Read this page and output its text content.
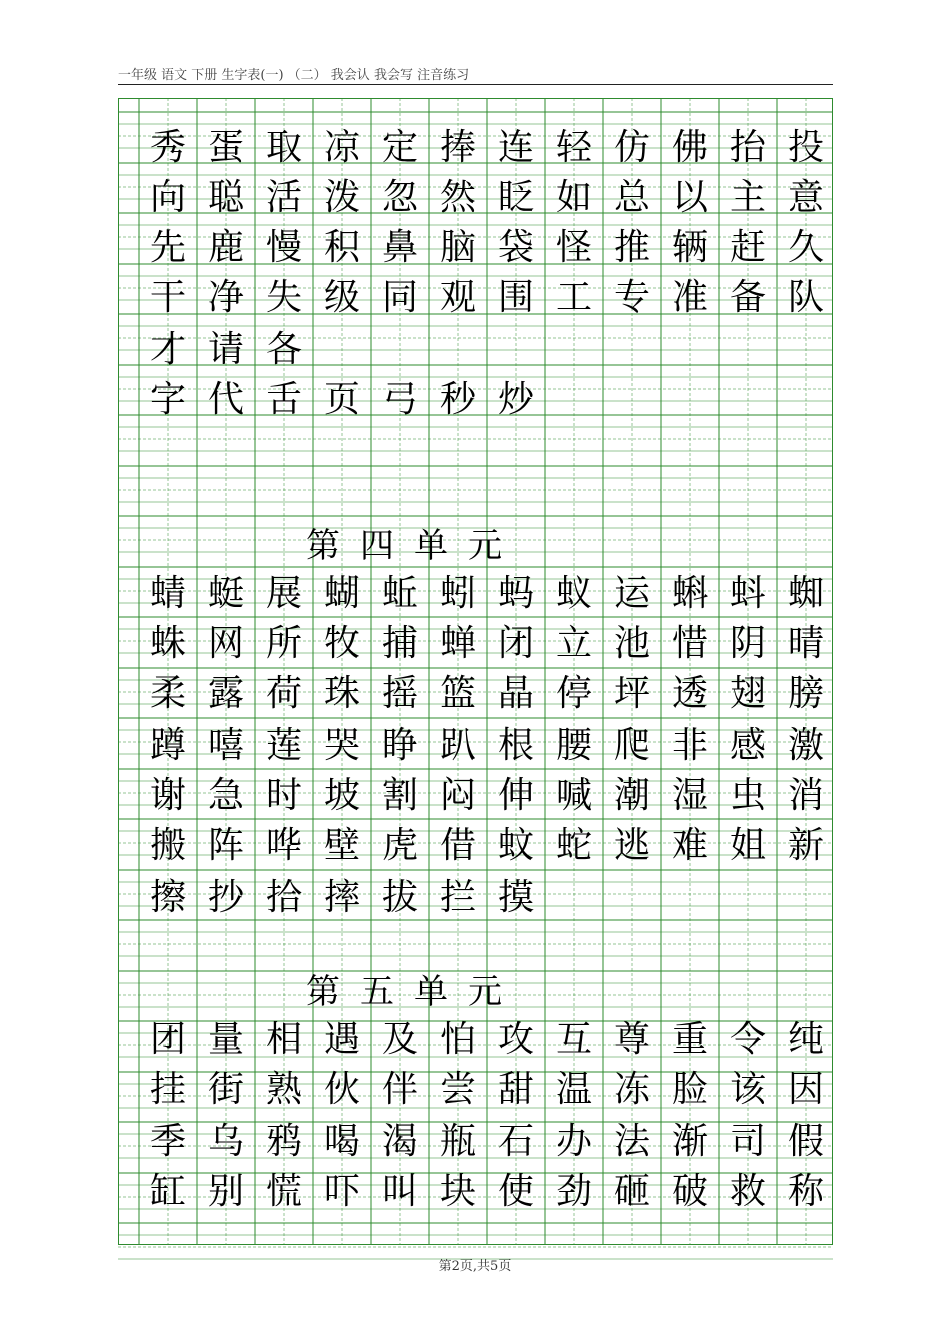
一年级 语文 下册 生字表(一) （二） 我会认 我会写 注音练习
第四单元
第五单元
秀 蛋 取 凉 定 捧 连 轻 仿 佛 抬 投
向 聪 活 泼 忽 然 眨 如 总 以 主 意
先 鹿 慢 积 鼻 脑 袋 怪 推 辆 赶 久
干 净 失 级 同 观 围 工 专 准 备 队
才 请 各
字 代 舌 页 弓 秒 炒
蜻 蜓 展 蝴 蚯 蚓 蚂 蚁 运 蝌 蚪 蜘
蛛 网 所 牧 捕 蝉 闭 立 池 惜 阴 晴
柔 露 荷 珠 摇 篮 晶 停 坪 透 翅 膀
蹲 嘻 莲 哭 睁 趴 根 腰 爬 非 感 激
谢 急 时 坡 割 闷 伸 喊 潮 湿 虫 消
搬 阵 哗 壁 虎 借 蚊 蛇 逃 难 姐 新
擦 抄 拾 摔 拔 拦 摸
团 量 相 遇 及 怕 攻 互 尊 重 令 纯
挂 街 熟 伙 伴 尝 甜 温 冻 脸 该 因
季 乌 鸦 喝 渴 瓶 石 办 法 渐 司 假
缸 别 慌 吓 叫 块 使 劲 砸 破 救 称
第2页,共5页
